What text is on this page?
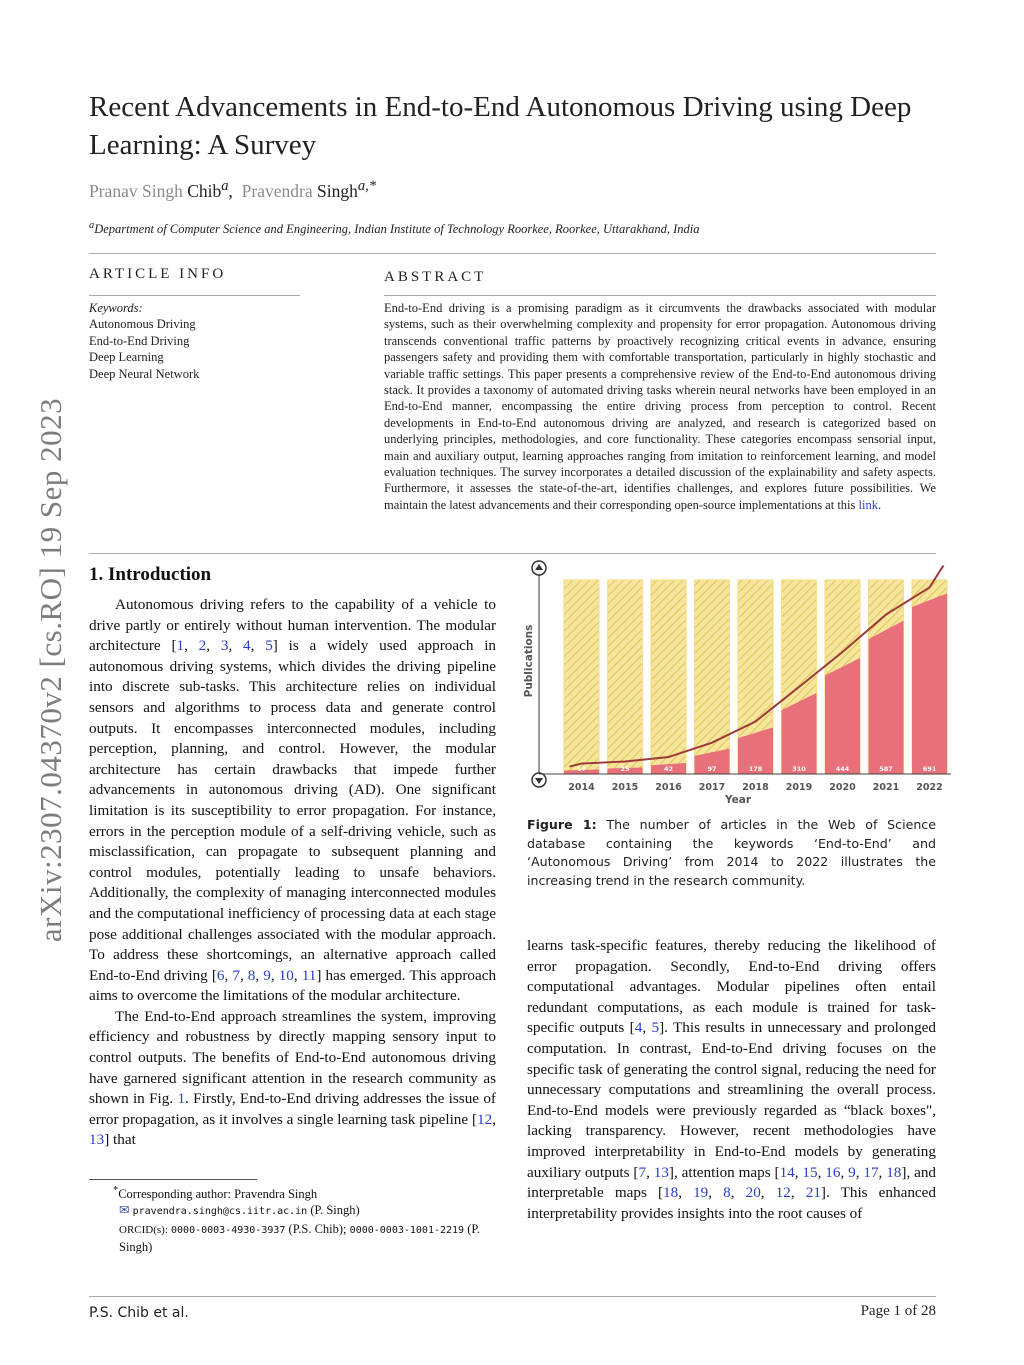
arXiv:2307.04370v2 [cs.RO] 19 Sep 2023
Recent Advancements in End-to-End Autonomous Driving using Deep Learning: A Survey
Pranav Singh Chib$^a$,  Pravendra Singh$^{a,*}$
$^a$Department of Computer Science and Engineering, Indian Institute of Technology Roorkee, Roorkee, Uttarakhand, India
ARTICLE INFO
Keywords:
Autonomous Driving
End-to-End Driving
Deep Learning
Deep Neural Network
ABSTRACT
End-to-End driving is a promising paradigm as it circumvents the drawbacks associated with modular systems, such as their overwhelming complexity and propensity for error propagation. Autonomous driving transcends conventional traffic patterns by proactively recognizing critical events in advance, ensuring passengers safety and providing them with comfortable transportation, particularly in highly stochastic and variable traffic settings. This paper presents a comprehensive review of the End-to-End autonomous driving stack. It provides a taxonomy of automated driving tasks wherein neural networks have been employed in an End-to-End manner, encompassing the entire driving process from perception to control. Recent developments in End-to-End autonomous driving are analyzed, and research is categorized based on underlying principles, methodologies, and core functionality. These categories encompass sensorial input, main and auxiliary output, learning approaches ranging from imitation to reinforcement learning, and model evaluation techniques. The survey incorporates a detailed discussion of the explainability and safety aspects. Furthermore, it assesses the state-of-the-art, identifies challenges, and explores future possibilities. We maintain the latest advancements and their corresponding open-source implementations at this link.
1. Introduction

Autonomous driving refers to the capability of a vehicle to drive partly or entirely without human intervention. The modular architecture [1, 2, 3, 4, 5] is a widely used approach in autonomous driving systems, which divides the driving pipeline into discrete sub-tasks. This architecture relies on individual sensors and algorithms to process data and generate control outputs. It encompasses interconnected modules, including perception, planning, and control. However, the modular architecture has certain drawbacks that impede further advancements in autonomous driving (AD). One significant limitation is its susceptibility to error propagation. For instance, errors in the perception module of a self-driving vehicle, such as misclassification, can propagate to subsequent planning and control modules, potentially leading to unsafe behaviors. Additionally, the complexity of managing interconnected modules and the computational inefficiency of processing data at each stage pose additional challenges associated with the modular approach. To address these shortcomings, an alternative approach called End-to-End driving [6, 7, 8, 9, 10, 11] has emerged. This approach aims to overcome the limitations of the modular architecture.

The End-to-End approach streamlines the system, improving efficiency and robustness by directly mapping sensory input to control outputs. The benefits of End-to-End autonomous driving have garnered significant attention in the research community as shown in Fig. 1. Firstly, End-to-End driving addresses the issue of error propagation, as it involves a single learning task pipeline [12, 13] that

*Corresponding author: Pravendra Singh
✉ pravendra.singh@cs.iitr.ac.in (P. Singh)
ORCID(s): 0000-0003-4930-3937 (P.S. Chib); 0000-0003-1001-2219 (P. Singh)
Publications
Year
17
2014
25
2015
42
2016
97
2017
178
2018
310
2019
444
2020
587
2021
691
2022
Figure 1: The number of articles in the Web of Science database containing the keywords ‘End-to-End’ and ‘Autonomous Driving’ from 2014 to 2022 illustrates the increasing trend in the research community.

learns task-specific features, thereby reducing the likelihood of error propagation. Secondly, End-to-End driving offers computational advantages. Modular pipelines often entail redundant computations, as each module is trained for task-specific outputs [4, 5]. This results in unnecessary and prolonged computation. In contrast, End-to-End driving focuses on the specific task of generating the control signal, reducing the need for unnecessary computations and streamlining the overall process. End-to-End models were previously regarded as “black boxes", lacking transparency. However, recent methodologies have improved interpretability in End-to-End models by generating auxiliary outputs [7, 13], attention maps [14, 15, 16, 9, 17, 18], and interpretable maps [18, 19, 8, 20, 12, 21]. This enhanced interpretability provides insights into the root causes of

P.S. Chib et al.	Page 1 of 28
